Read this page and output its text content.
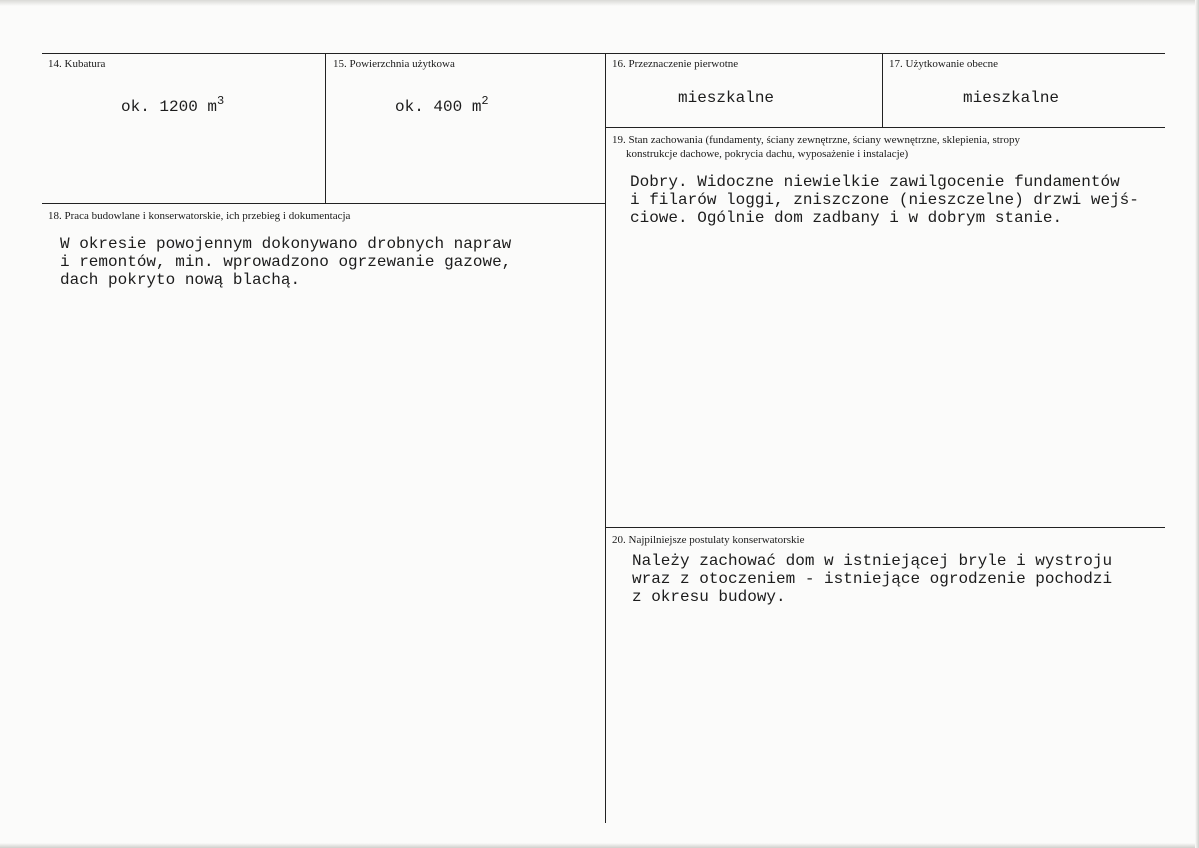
14. Kubatura
ok. 1200 $m^3$
15. Powierzchnia użytkowa
ok. 400 $m^2$
16. Przeznaczenie pierwotne
mieszkalne
17. Użytkowanie obecne
mieszkalne
19. Stan zachowania (fundamenty, ściany zewnętrzne, ściany wewnętrzne, sklepienia, stropy
konstrukcje dachowe, pokrycia dachu, wyposażenie i instalacje)
Dobry. Widoczne niewielkie zawilgocenie fundamentów
i filarów loggi, zniszczone (nieszczelne) drzwi wejś-
ciowe. Ogólnie dom zadbany i w dobrym stanie.
18. Praca budowlane i konserwatorskie, ich przebieg i dokumentacja
W okresie powojennym dokonywano drobnych napraw
i remontów, min. wprowadzono ogrzewanie gazowe,
dach pokryto nową blachą.
20. Najpilniejsze postulaty konserwatorskie
Należy zachować dom w istniejącej bryle i wystroju
wraz z otoczeniem - istniejące ogrodzenie pochodzi
z okresu budowy.
